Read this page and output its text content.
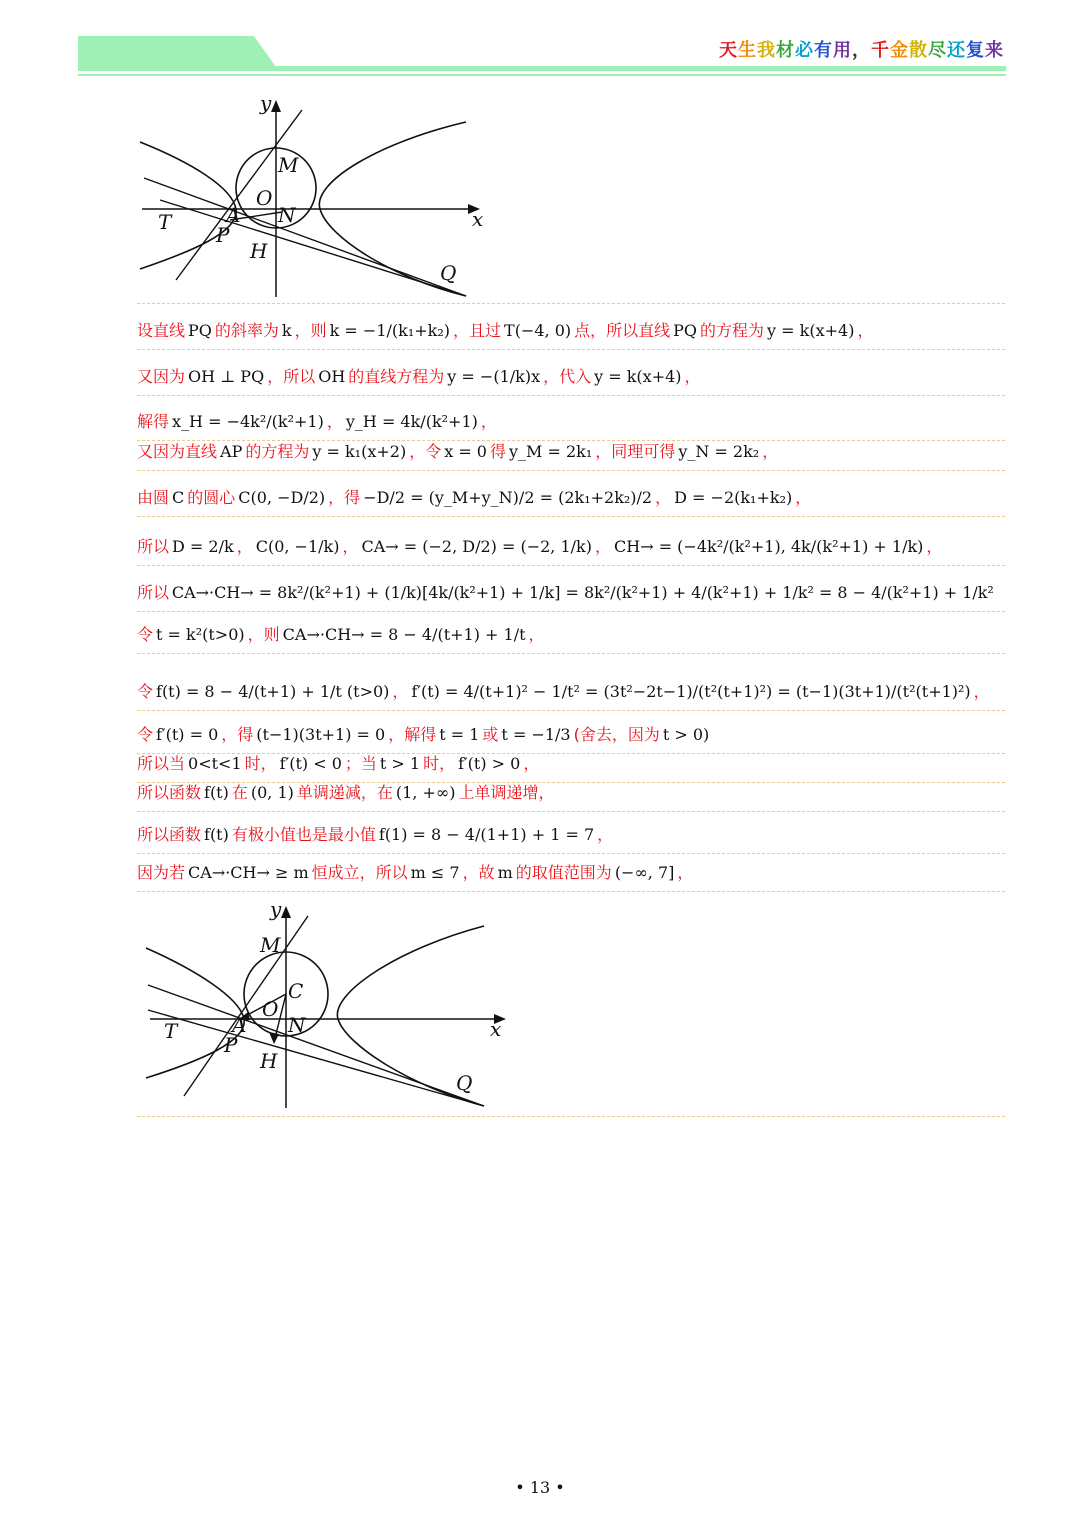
天生我材必有用，千金散尽还复来
y
x
M
O
N
A
T
P
H
Q
设直线 PQ 的斜率为 k ，则 k = −1/(k₁+k₂) ，且过 T(−4, 0) 点，所以直线 PQ 的方程为 y = k(x+4) ，
又因为 OH ⊥ PQ ，所以 OH 的直线方程为 y = −(1/k)x ，代入 y = k(x+4) ，
解得 x_H = −4k²/(k²+1) ， y_H = 4k/(k²+1) ，
又因为直线 AP 的方程为 y = k₁(x+2) ，令 x = 0 得 y_M = 2k₁ ，同理可得 y_N = 2k₂ ，
由圆 C 的圆心 C(0, −D/2) ，得 −D/2 = (y_M+y_N)/2 = (2k₁+2k₂)/2 ， D = −2(k₁+k₂) ，
所以 D = 2/k ， C(0, −1/k) ， CA→ = (−2, D/2) = (−2, 1/k) ， CH→ = (−4k²/(k²+1), 4k/(k²+1) + 1/k) ，
所以 CA→·CH→ = 8k²/(k²+1) + (1/k)[4k/(k²+1) + 1/k] = 8k²/(k²+1) + 4/(k²+1) + 1/k² = 8 − 4/(k²+1) + 1/k²
令 t = k²(t>0) ，则 CA→·CH→ = 8 − 4/(t+1) + 1/t ，
令 f(t) = 8 − 4/(t+1) + 1/t (t>0) ， f′(t) = 4/(t+1)² − 1/t² = (3t²−2t−1)/(t²(t+1)²) = (t−1)(3t+1)/(t²(t+1)²) ，
令 f′(t) = 0 ，得 (t−1)(3t+1) = 0 ，解得 t = 1 或 t = −1/3 (舍去，因为 t > 0)
所以当 0<t<1 时， f′(t) < 0 ；当 t > 1 时， f′(t) > 0 ，
所以函数 f(t) 在 (0, 1) 单调递减，在 (1, +∞) 上单调递增，
所以函数 f(t) 有极小值也是最小值 f(1) = 8 − 4/(1+1) + 1 = 7 ，
因为若 CA→·CH→ ≥ m 恒成立，所以 m ≤ 7 ，故 m 的取值范围为 (−∞, 7] ，
y
x
M
C
O
N
A
T
P
H
Q
• 13 •
